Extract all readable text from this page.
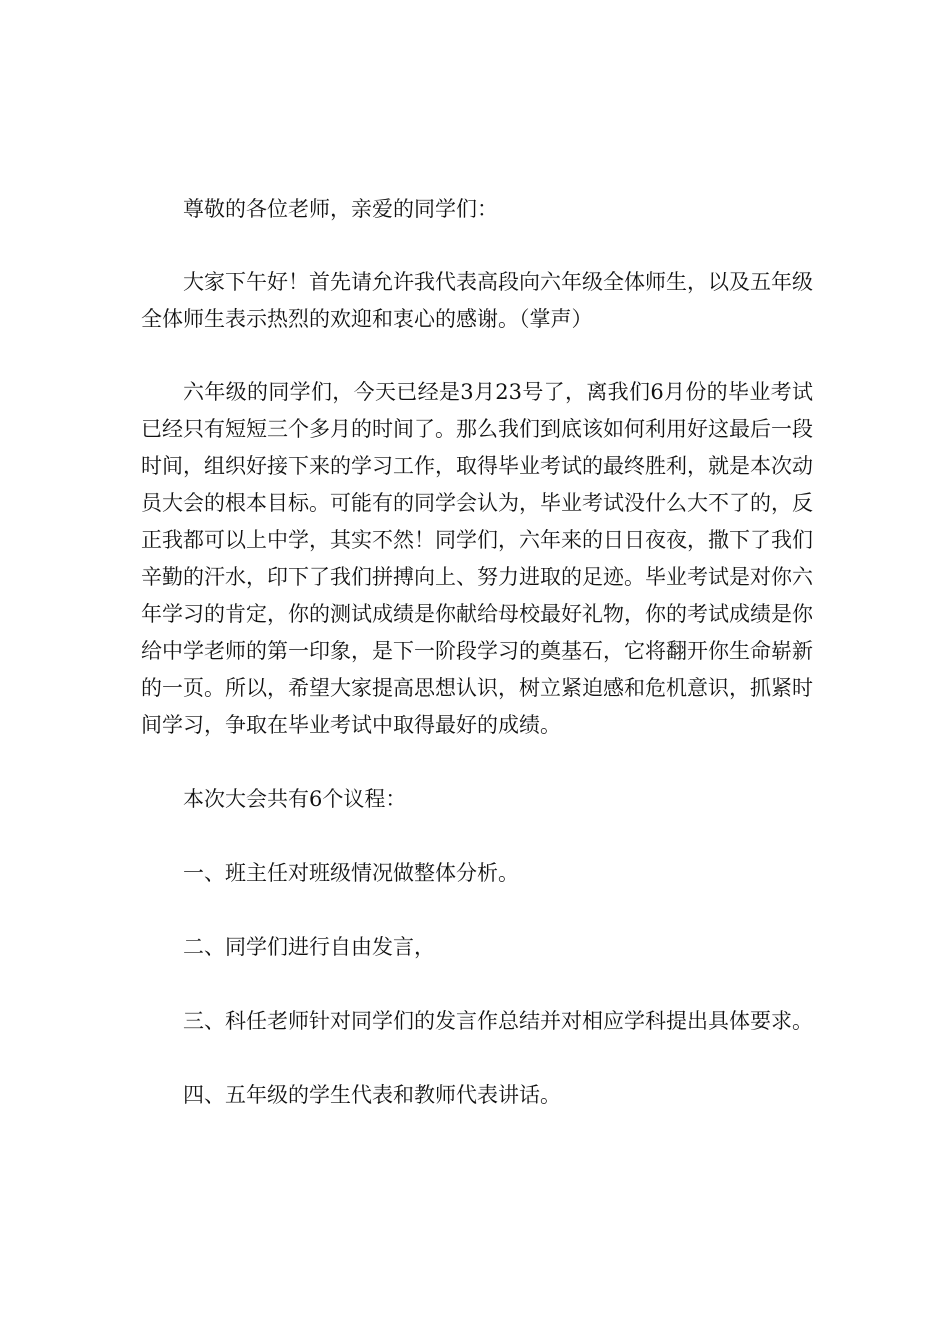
尊敬的各位老师，亲爱的同学们：

大家下午好！首先请允许我代表高段向六年级全体师生，以及五年级全体师生表示热烈的欢迎和衷心的感谢。（掌声）

六年级的同学们，今天已经是3月23号了，离我们6月份的毕业考试已经只有短短三个多月的时间了。那么我们到底该如何利用好这最后一段时间，组织好接下来的学习工作，取得毕业考试的最终胜利，就是本次动员大会的根本目标。可能有的同学会认为，毕业考试没什么大不了的，反正我都可以上中学，其实不然！同学们，六年来的日日夜夜，撒下了我们辛勤的汗水，印下了我们拼搏向上、努力进取的足迹。毕业考试是对你六年学习的肯定，你的测试成绩是你献给母校最好礼物，你的考试成绩是你给中学老师的第一印象，是下一阶段学习的奠基石，它将翻开你生命崭新的一页。所以，希望大家提高思想认识，树立紧迫感和危机意识，抓紧时间学习，争取在毕业考试中取得最好的成绩。

本次大会共有6个议程：

一、班主任对班级情况做整体分析。

二、同学们进行自由发言，

三、科任老师针对同学们的发言作总结并对相应学科提出具体要求。

四、五年级的学生代表和教师代表讲话。
